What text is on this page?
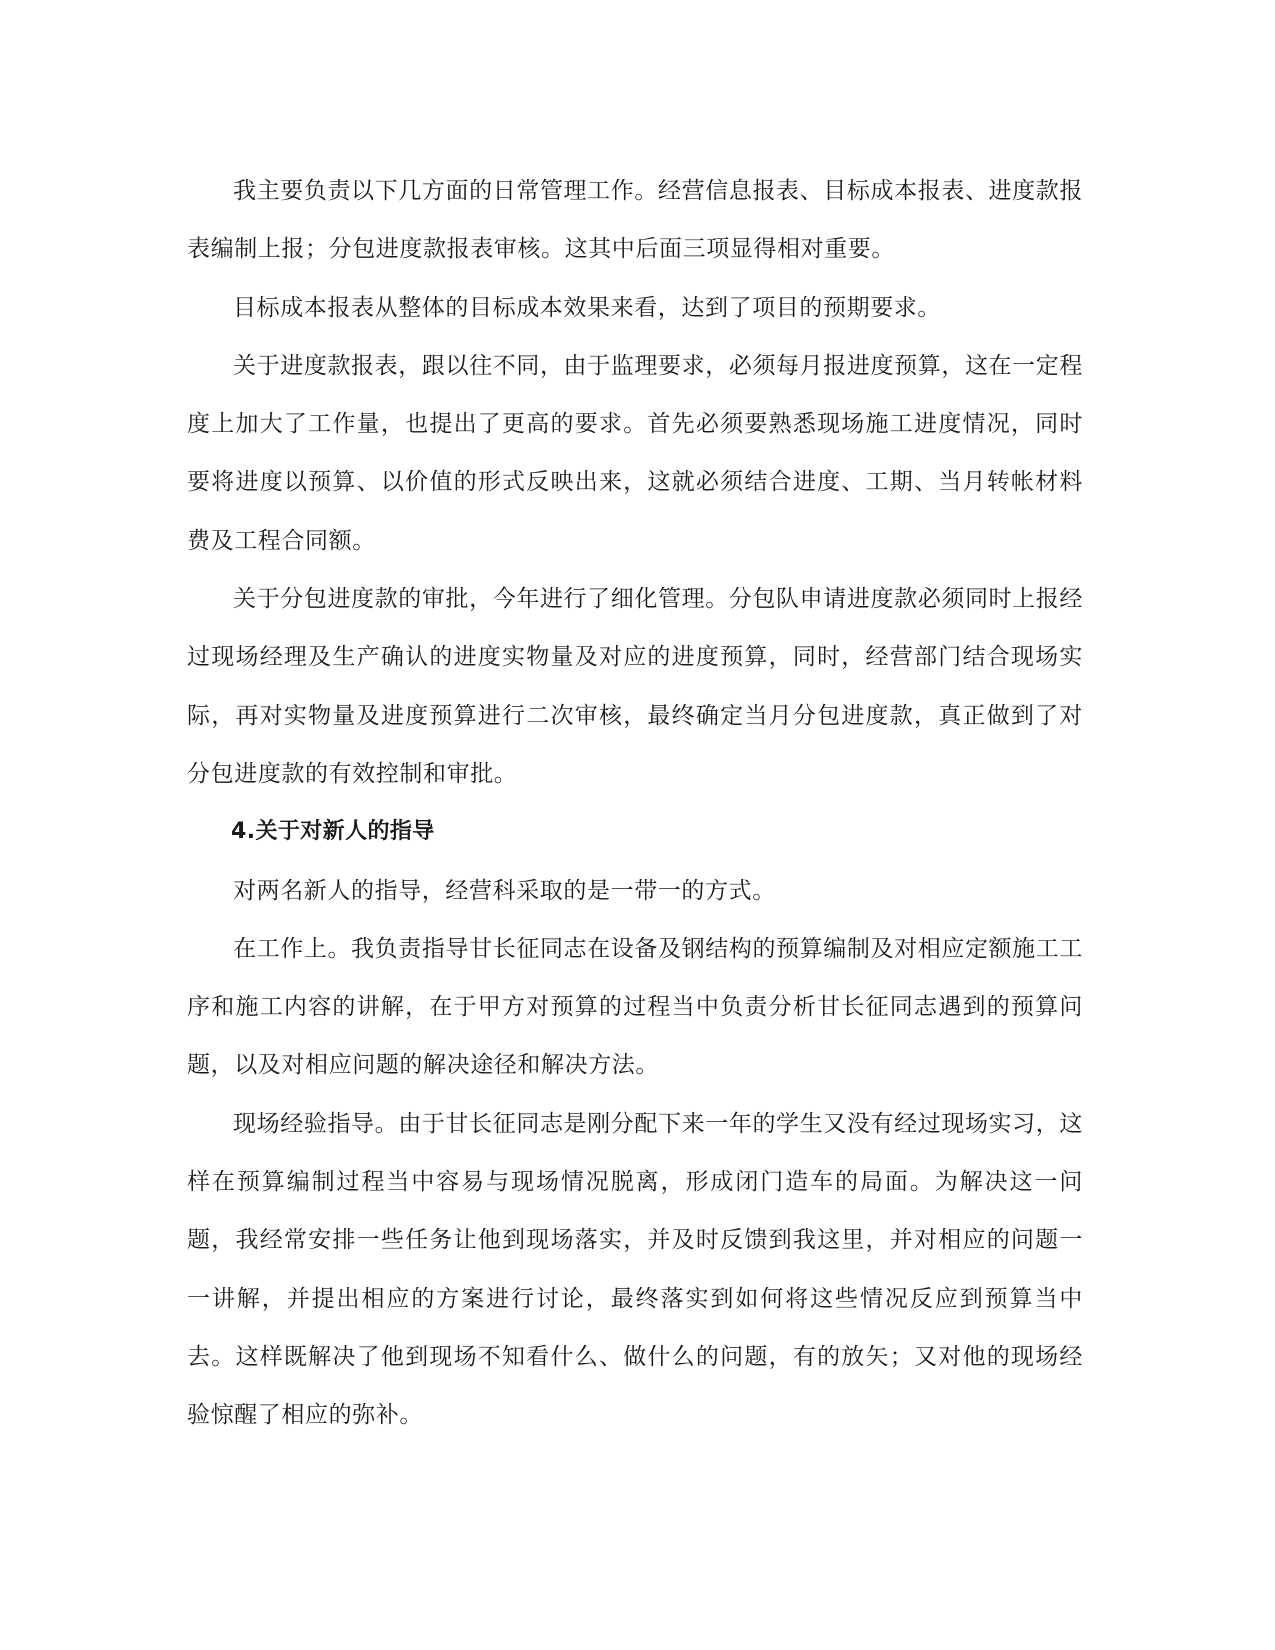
我主要负责以下几方面的日常管理工作。经营信息报表、目标成本报表、进度款报表编制上报；分包进度款报表审核。这其中后面三项显得相对重要。

目标成本报表从整体的目标成本效果来看，达到了项目的预期要求。

关于进度款报表，跟以往不同，由于监理要求，必须每月报进度预算，这在一定程度上加大了工作量，也提出了更高的要求。首先必须要熟悉现场施工进度情况，同时要将进度以预算、以价值的形式反映出来，这就必须结合进度、工期、当月转帐材料费及工程合同额。

关于分包进度款的审批，今年进行了细化管理。分包队申请进度款必须同时上报经过现场经理及生产确认的进度实物量及对应的进度预算，同时，经营部门结合现场实际，再对实物量及进度预算进行二次审核，最终确定当月分包进度款，真正做到了对分包进度款的有效控制和审批。

4.关于对新人的指导

对两名新人的指导，经营科采取的是一带一的方式。

在工作上。我负责指导甘长征同志在设备及钢结构的预算编制及对相应定额施工工序和施工内容的讲解，在于甲方对预算的过程当中负责分析甘长征同志遇到的预算问题，以及对相应问题的解决途径和解决方法。

现场经验指导。由于甘长征同志是刚分配下来一年的学生又没有经过现场实习，这样在预算编制过程当中容易与现场情况脱离，形成闭门造车的局面。为解决这一问题，我经常安排一些任务让他到现场落实，并及时反馈到我这里，并对相应的问题一一讲解，并提出相应的方案进行讨论，最终落实到如何将这些情况反应到预算当中去。这样既解决了他到现场不知看什么、做什么的问题，有的放矢；又对他的现场经验惊醒了相应的弥补。
